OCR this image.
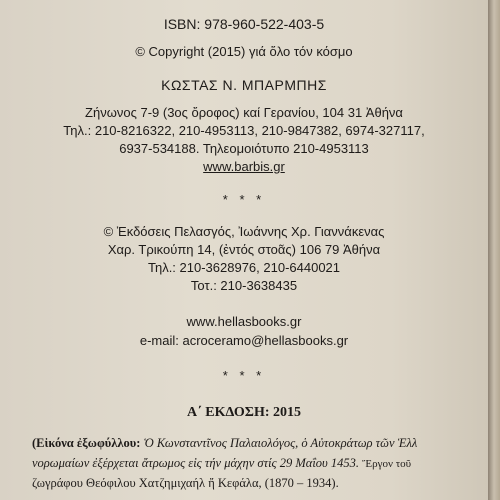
ISBN: 978-960-522-403-5
© Copyright (2015) γιά ὅλο τόν κόσμο
ΚΩΣΤΑΣ Ν. ΜΠΑΡΜΠΗΣ
Ζήνωνος 7-9 (3ος ὄροφος) καί Γερανίου, 104 31 Ἀθήνα
Τηλ.: 210-8216322, 210-4953113, 210-9847382, 6974-327117,
6937-534188. Τηλεομοιότυπο 210-4953113
www.barbis.gr
* * *
© Ἐκδόσεις Πελασγός, Ἰωάννης Χρ. Γιαννάκενας
Χαρ. Τρικούπη 14, (ἐντός στοᾶς) 106 79 Ἀθήνα
Τηλ.: 210-3628976, 210-6440021
Τοτ.: 210-3638435
www.hellasbooks.gr
e-mail: acroceramo@hellasbooks.gr
* * *
Α΄ ΕΚΔΟΣΗ: 2015
(Εἰκόνα ἐξωφύλλου: Ὁ Κωνσταντῖνος Παλαιολόγος, ὁ Αὐτοκράτωρ τῶν Ἑλλ
νορωμαίων ἐξέρχεται ἄτρωμος εἰς τήν μάχην στίς 29 Μαΐου 1453. Ἔργον τοῦ
ζωγράφου Θεόφιλου Χατζημιχαήλ ἤ Κεφάλα, (1870 – 1934).
